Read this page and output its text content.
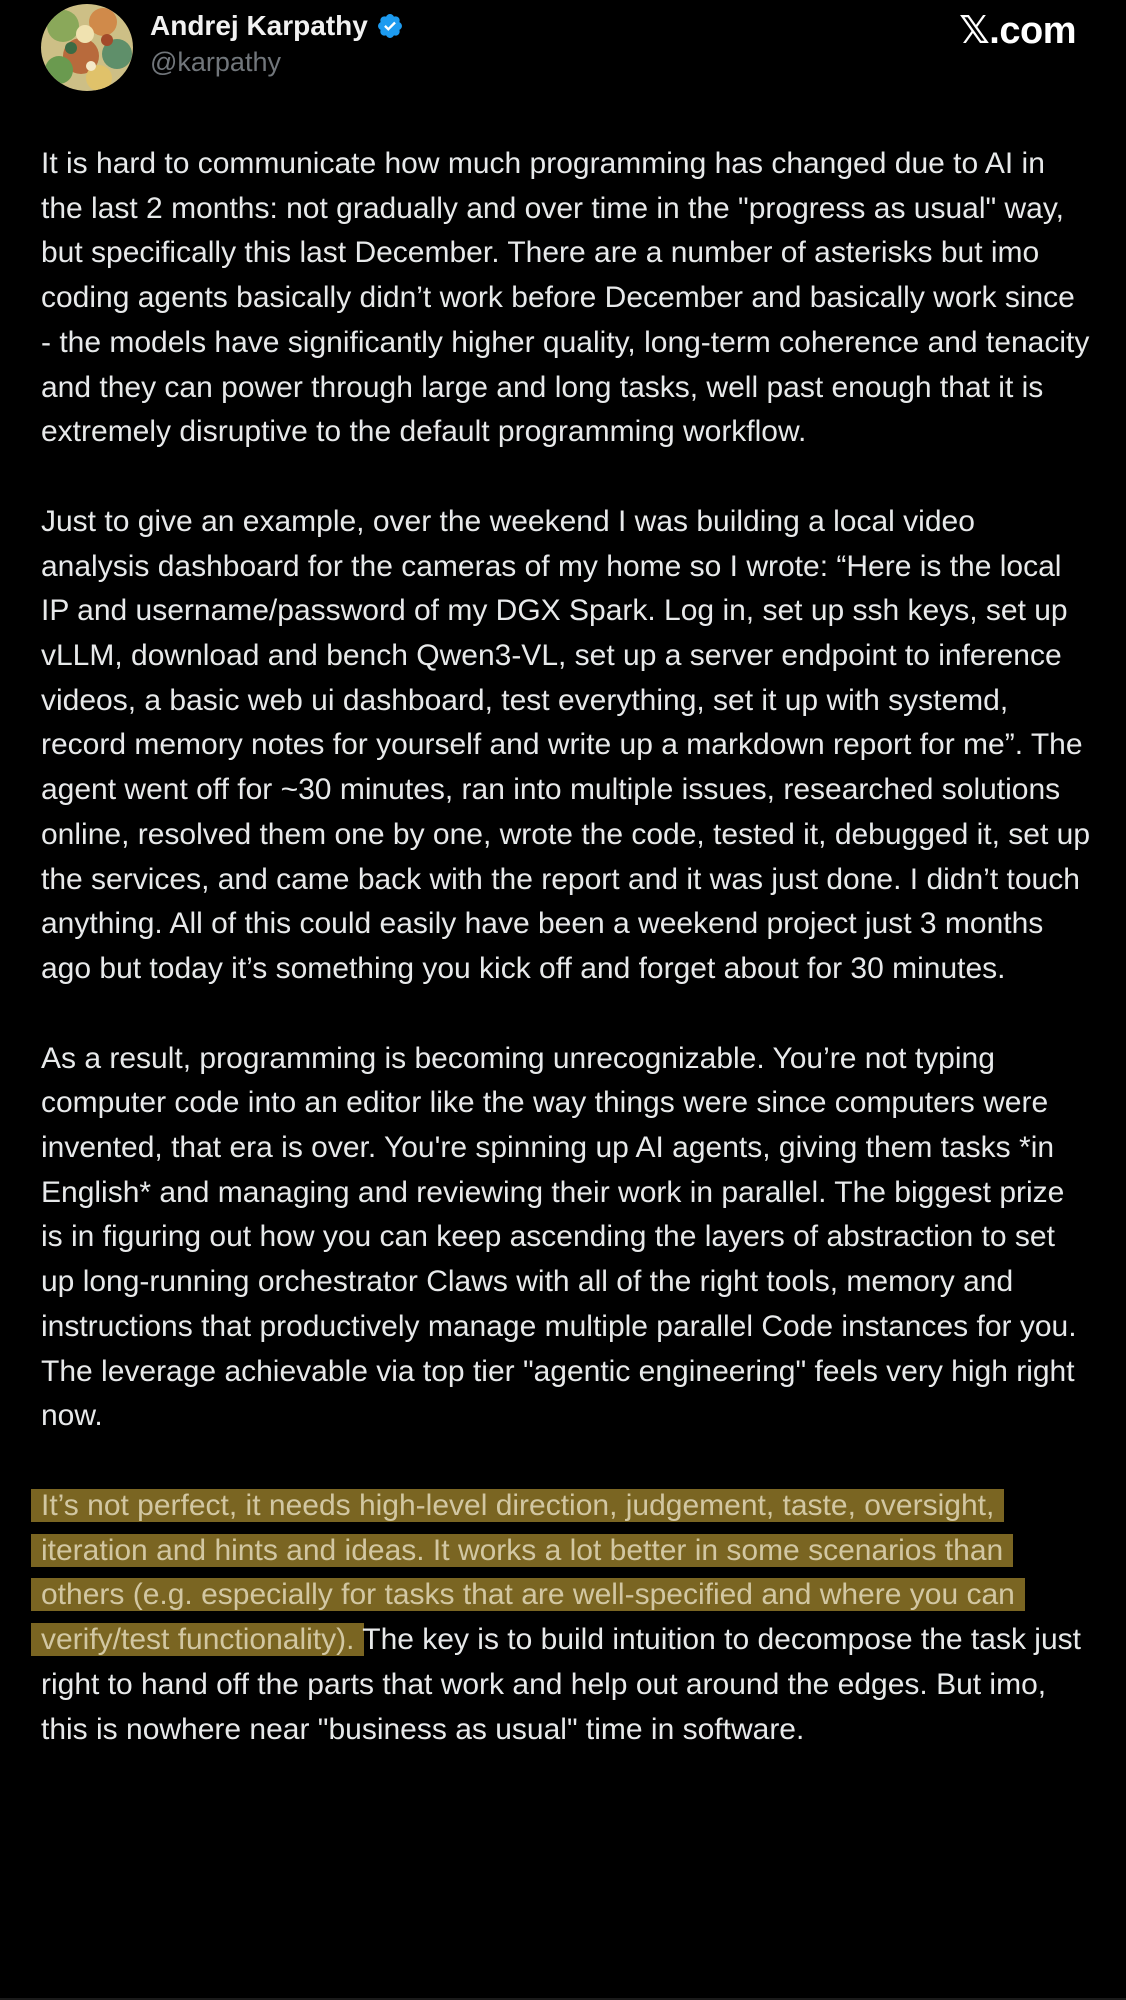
Andrej Karpathy
@karpathy
𝕏.com

It is hard to communicate how much programming has changed due to AI in the last 2 months: not gradually and over time in the "progress as usual" way, but specifically this last December. There are a number of asterisks but imo coding agents basically didn’t work before December and basically work since - the models have significantly higher quality, long-term coherence and tenacity and they can power through large and long tasks, well past enough that it is extremely disruptive to the default programming workflow.

Just to give an example, over the weekend I was building a local video analysis dashboard for the cameras of my home so I wrote: “Here is the local IP and username/password of my DGX Spark. Log in, set up ssh keys, set up vLLM, download and bench Qwen3-VL, set up a server endpoint to inference videos, a basic web ui dashboard, test everything, set it up with systemd, record memory notes for yourself and write up a markdown report for me”. The agent went off for ~30 minutes, ran into multiple issues, researched solutions online, resolved them one by one, wrote the code, tested it, debugged it, set up the services, and came back with the report and it was just done. I didn’t touch anything. All of this could easily have been a weekend project just 3 months ago but today it’s something you kick off and forget about for 30 minutes.

As a result, programming is becoming unrecognizable. You’re not typing computer code into an editor like the way things were since computers were invented, that era is over. You're spinning up AI agents, giving them tasks *in English* and managing and reviewing their work in parallel. The biggest prize is in figuring out how you can keep ascending the layers of abstraction to set up long-running orchestrator Claws with all of the right tools, memory and instructions that productively manage multiple parallel Code instances for you. The leverage achievable via top tier "agentic engineering" feels very high right now.

It’s not perfect, it needs high-level direction, judgement, taste, oversight, iteration and hints and ideas. It works a lot better in some scenarios than others (e.g. especially for tasks that are well-specified and where you can verify/test functionality). The key is to build intuition to decompose the task just right to hand off the parts that work and help out around the edges. But imo, this is nowhere near "business as usual" time in software.
